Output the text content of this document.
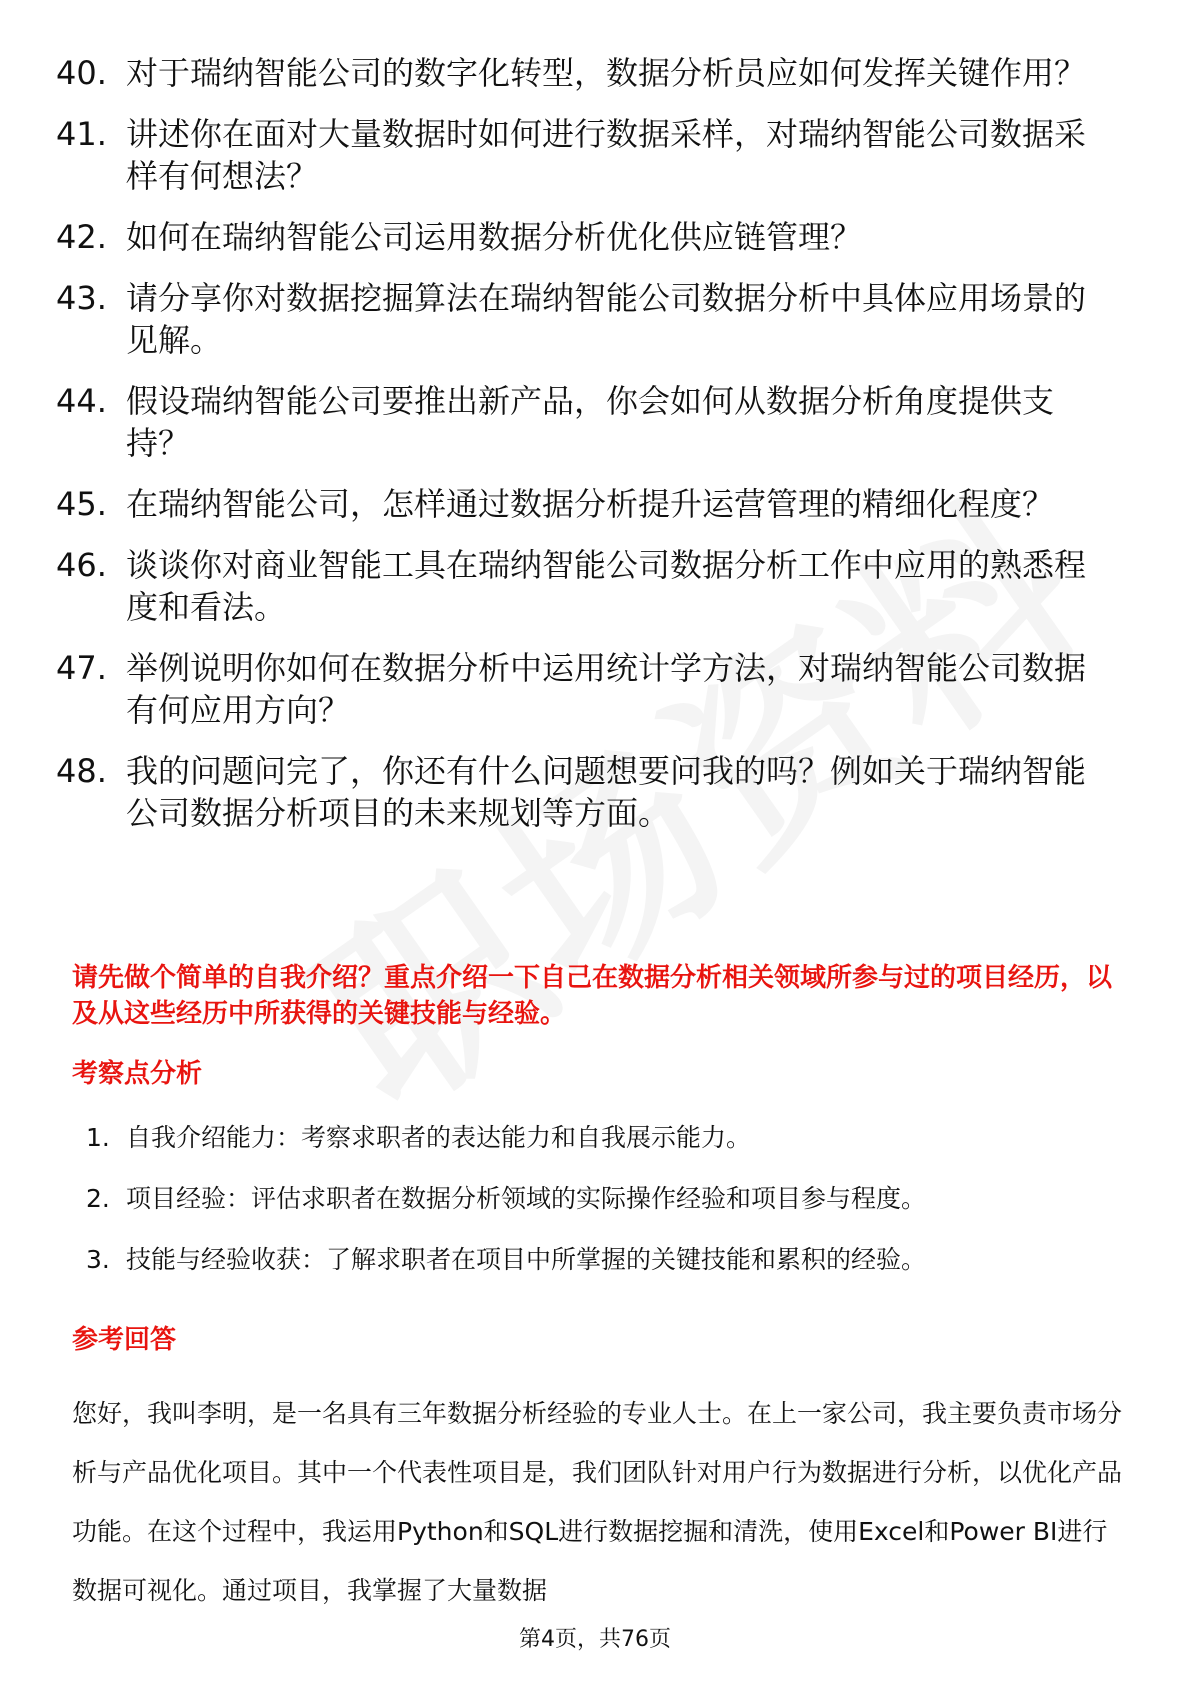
40. 对于瑞纳智能公司的数字化转型，数据分析员应如何发挥关键作用？
41. 讲述你在面对大量数据时如何进行数据采样，对瑞纳智能公司数据采样有何想法？
42. 如何在瑞纳智能公司运用数据分析优化供应链管理？
43. 请分享你对数据挖掘算法在瑞纳智能公司数据分析中具体应用场景的见解。
44. 假设瑞纳智能公司要推出新产品，你会如何从数据分析角度提供支持？
45. 在瑞纳智能公司，怎样通过数据分析提升运营管理的精细化程度？
46. 谈谈你对商业智能工具在瑞纳智能公司数据分析工作中应用的熟悉程度和看法。
47. 举例说明你如何在数据分析中运用统计学方法，对瑞纳智能公司数据有何应用方向？
48. 我的问题问完了，你还有什么问题想要问我的吗？例如关于瑞纳智能公司数据分析项目的未来规划等方面。
请先做个简单的自我介绍？重点介绍一下自己在数据分析相关领域所参与过的项目经历，以及从这些经历中所获得的关键技能与经验。
考察点分析
1. 自我介绍能力：考察求职者的表达能力和自我展示能力。
2. 项目经验：评估求职者在数据分析领域的实际操作经验和项目参与程度。
3. 技能与经验收获：了解求职者在项目中所掌握的关键技能和累积的经验。
参考回答
您好，我叫李明，是一名具有三年数据分析经验的专业人士。在上一家公司，我主要负责市场分析与产品优化项目。其中一个代表性项目是，我们团队针对用户行为数据进行分析，以优化产品功能。在这个过程中，我运用Python和SQL进行数据挖掘和清洗，使用Excel和Power BI进行数据可视化。通过项目，我掌握了大量数据
第4页，共76页
